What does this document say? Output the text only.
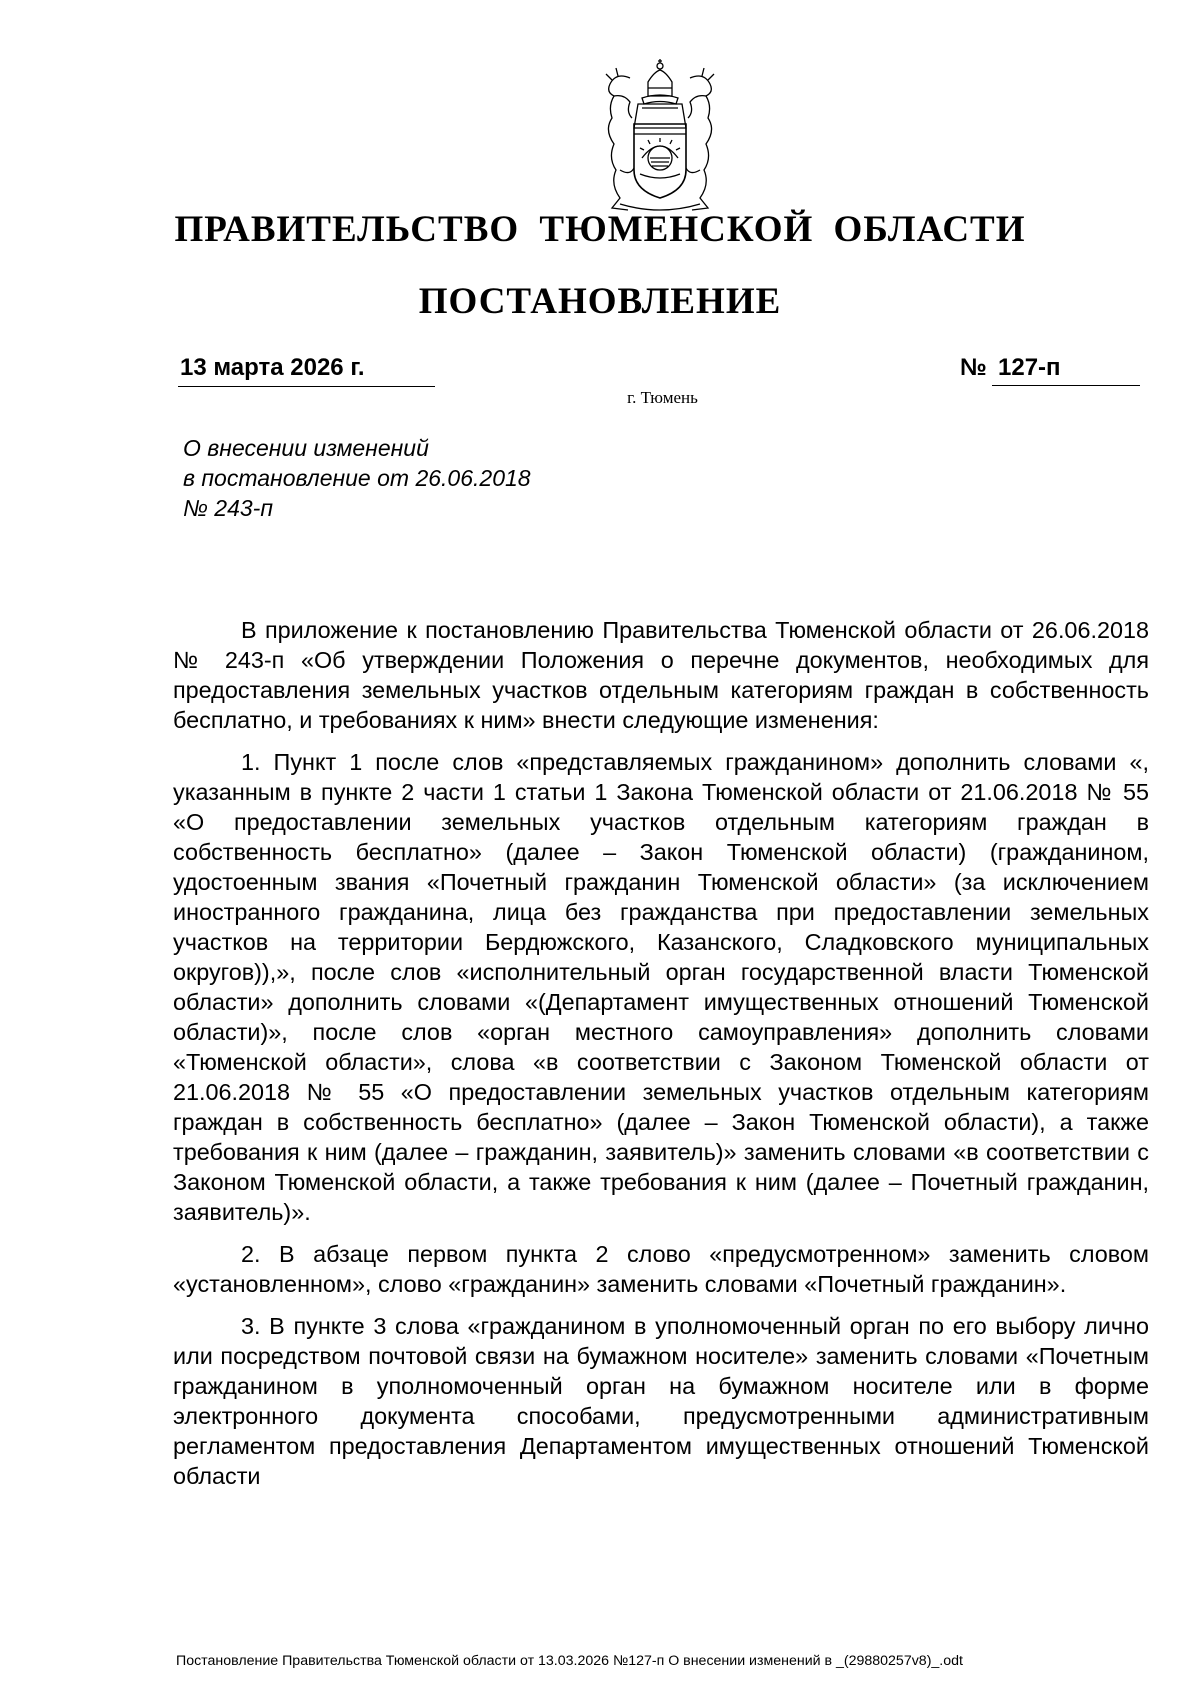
ПРАВИТЕЛЬСТВО ТЮМЕНСКОЙ ОБЛАСТИ
ПОСТАНОВЛЕНИЕ
13 марта 2026 г.	№ 127-п
г. Тюмень
О внесении изменений
в постановление от 26.06.2018
№ 243-п

В приложение к постановлению Правительства Тюменской области от 26.06.2018 № 243-п «Об утверждении Положения о перечне документов, необходимых для предоставления земельных участков отдельным категориям граждан в собственность бесплатно, и требованиях к ним» внести следующие изменения:

1. Пункт 1 после слов «представляемых гражданином» дополнить словами «, указанным в пункте 2 части 1 статьи 1 Закона Тюменской области от 21.06.2018 № 55 «О предоставлении земельных участков отдельным категориям граждан в собственность бесплатно» (далее – Закон Тюменской области) (гражданином, удостоенным звания «Почетный гражданин Тюменской области» (за исключением иностранного гражданина, лица без гражданства при предоставлении земельных участков на территории Бердюжского, Казанского, Сладковского муниципальных округов)),», после слов «исполнительный орган государственной власти Тюменской области» дополнить словами «(Департамент имущественных отношений Тюменской области)», после слов «орган местного самоуправления» дополнить словами «Тюменской области», слова «в соответствии с Законом Тюменской области от 21.06.2018 № 55 «О предоставлении земельных участков отдельным категориям граждан в собственность бесплатно» (далее – Закон Тюменской области), а также требования к ним (далее – гражданин, заявитель)» заменить словами «в соответствии с Законом Тюменской области, а также требования к ним (далее – Почетный гражданин, заявитель)».

2. В абзаце первом пункта 2 слово «предусмотренном» заменить словом «установленном», слово «гражданин» заменить словами «Почетный гражданин».

3. В пункте 3 слова «гражданином в уполномоченный орган по его выбору лично или посредством почтовой связи на бумажном носителе» заменить словами «Почетным гражданином в уполномоченный орган на бумажном носителе или в форме электронного документа способами, предусмотренными административным регламентом предоставления Департаментом имущественных отношений Тюменской области

Постановление Правительства Тюменской области от 13.03.2026 №127-п О внесении изменений в _(29880257v8)_.odt
